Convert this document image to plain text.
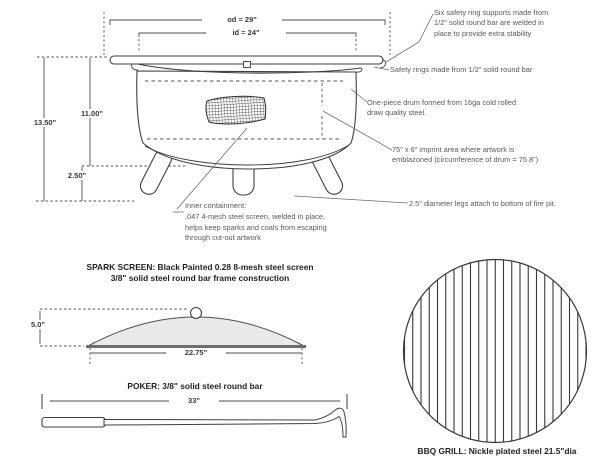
od = 29"
id = 24"
13.50"
11.00"
2.50"
Six safety ring supports made from
1/2" solid round bar are welded in
place to provide extra stability
Safety rings made from 1/2" solid round bar
One-piece drum formed from 16ga cold rolled
draw quality steel.
75" x 6" imprint area where artwork is
emblazoned (circumference of drum = 75.8")
2.5" diameter legs attach to bottom of fire pit.
Inner containment:
.047 4-mesh steel screen, welded in place,
helps keep sparks and coals from escaping
through cut-out artwork
SPARK SCREEN: Black Painted 0.28 8-mesh steel screen
3/8" solid steel round bar frame construction
5.0"
22.75"
POKER: 3/8" solid steel round bar
33"
BBQ GRILL: Nickle plated steel 21.5"dia
